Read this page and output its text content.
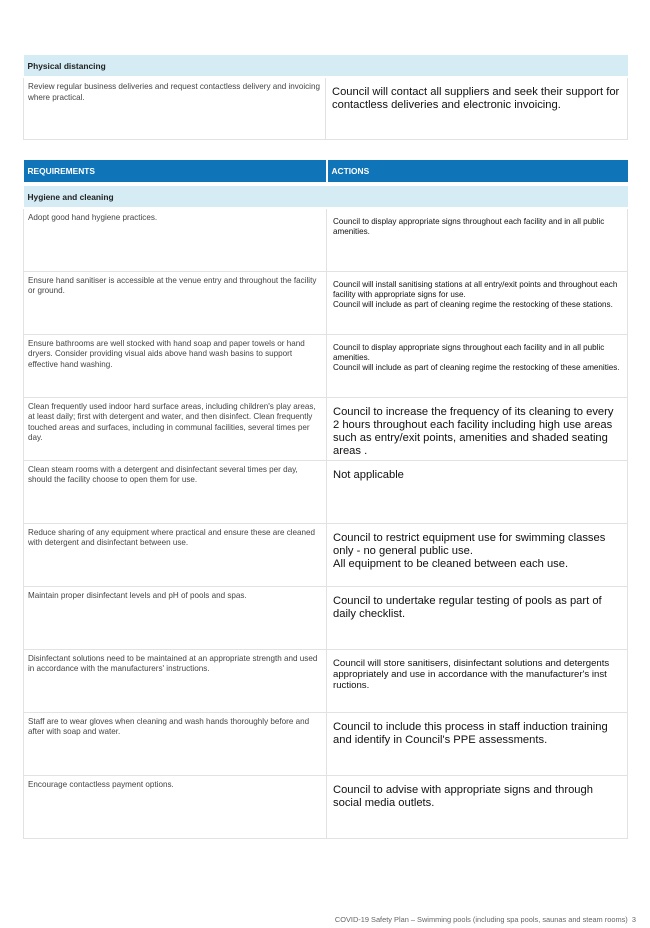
Physical distancing
Review regular business deliveries and request contactless delivery and invoicing where practical.	Council will contact all suppliers and seek their support for contactless deliveries and electronic invoicing.
REQUIREMENTS	ACTIONS

Hygiene and cleaning	
Adopt good hand hygiene practices.	Council to display appropriate signs throughout each facility and in all public amenities.
Ensure hand sanitiser is accessible at the venue entry and throughout the facility or ground.	Council will install sanitising stations at all entry/exit points and throughout each facility with appropriate signs for use.
Council will include as part of cleaning regime the restocking of these stations.
Ensure bathrooms are well stocked with hand soap and paper towels or hand dryers. Consider providing visual aids above hand wash basins to support effective hand washing.	Council to display appropriate signs throughout each facility and in all public amenities.
Council will include as part of cleaning regime the restocking of these amenities.
Clean frequently used indoor hard surface areas, including children's play areas, at least daily; first with detergent and water, and then disinfect. Clean frequently touched areas and surfaces, including in communal facilities, several times per day.	Council to increase the frequency of its cleaning to every 2 hours throughout each facility including high use areas such as entry/exit points, amenities and shaded seating areas .
Clean steam rooms with a detergent and disinfectant several times per day, should the facility choose to open them for use.	Not applicable
Reduce sharing of any equipment where practical and ensure these are cleaned with detergent and disinfectant between use.	Council to restrict equipment use for swimming classes only - no general public use.
All equipment to be cleaned between each use.
Maintain proper disinfectant levels and pH of pools and spas.	Council to undertake regular testing of pools as part of daily checklist.
Disinfectant solutions need to be maintained at an appropriate strength and used in accordance with the manufacturers' instructions.	Council will store sanitisers, disinfectant solutions and detergents appropriately and use in accordance with the manufacturer's inst ructions.
Staff are to wear gloves when cleaning and wash hands thoroughly before and after with soap and water.	Council to include this process in staff induction training and identify in Council's PPE assessments.
Encourage contactless payment options.	Council to advise with appropriate signs and through social media outlets.
COVID-19 Safety Plan – Swimming pools (including spa pools, saunas and steam rooms) 3
